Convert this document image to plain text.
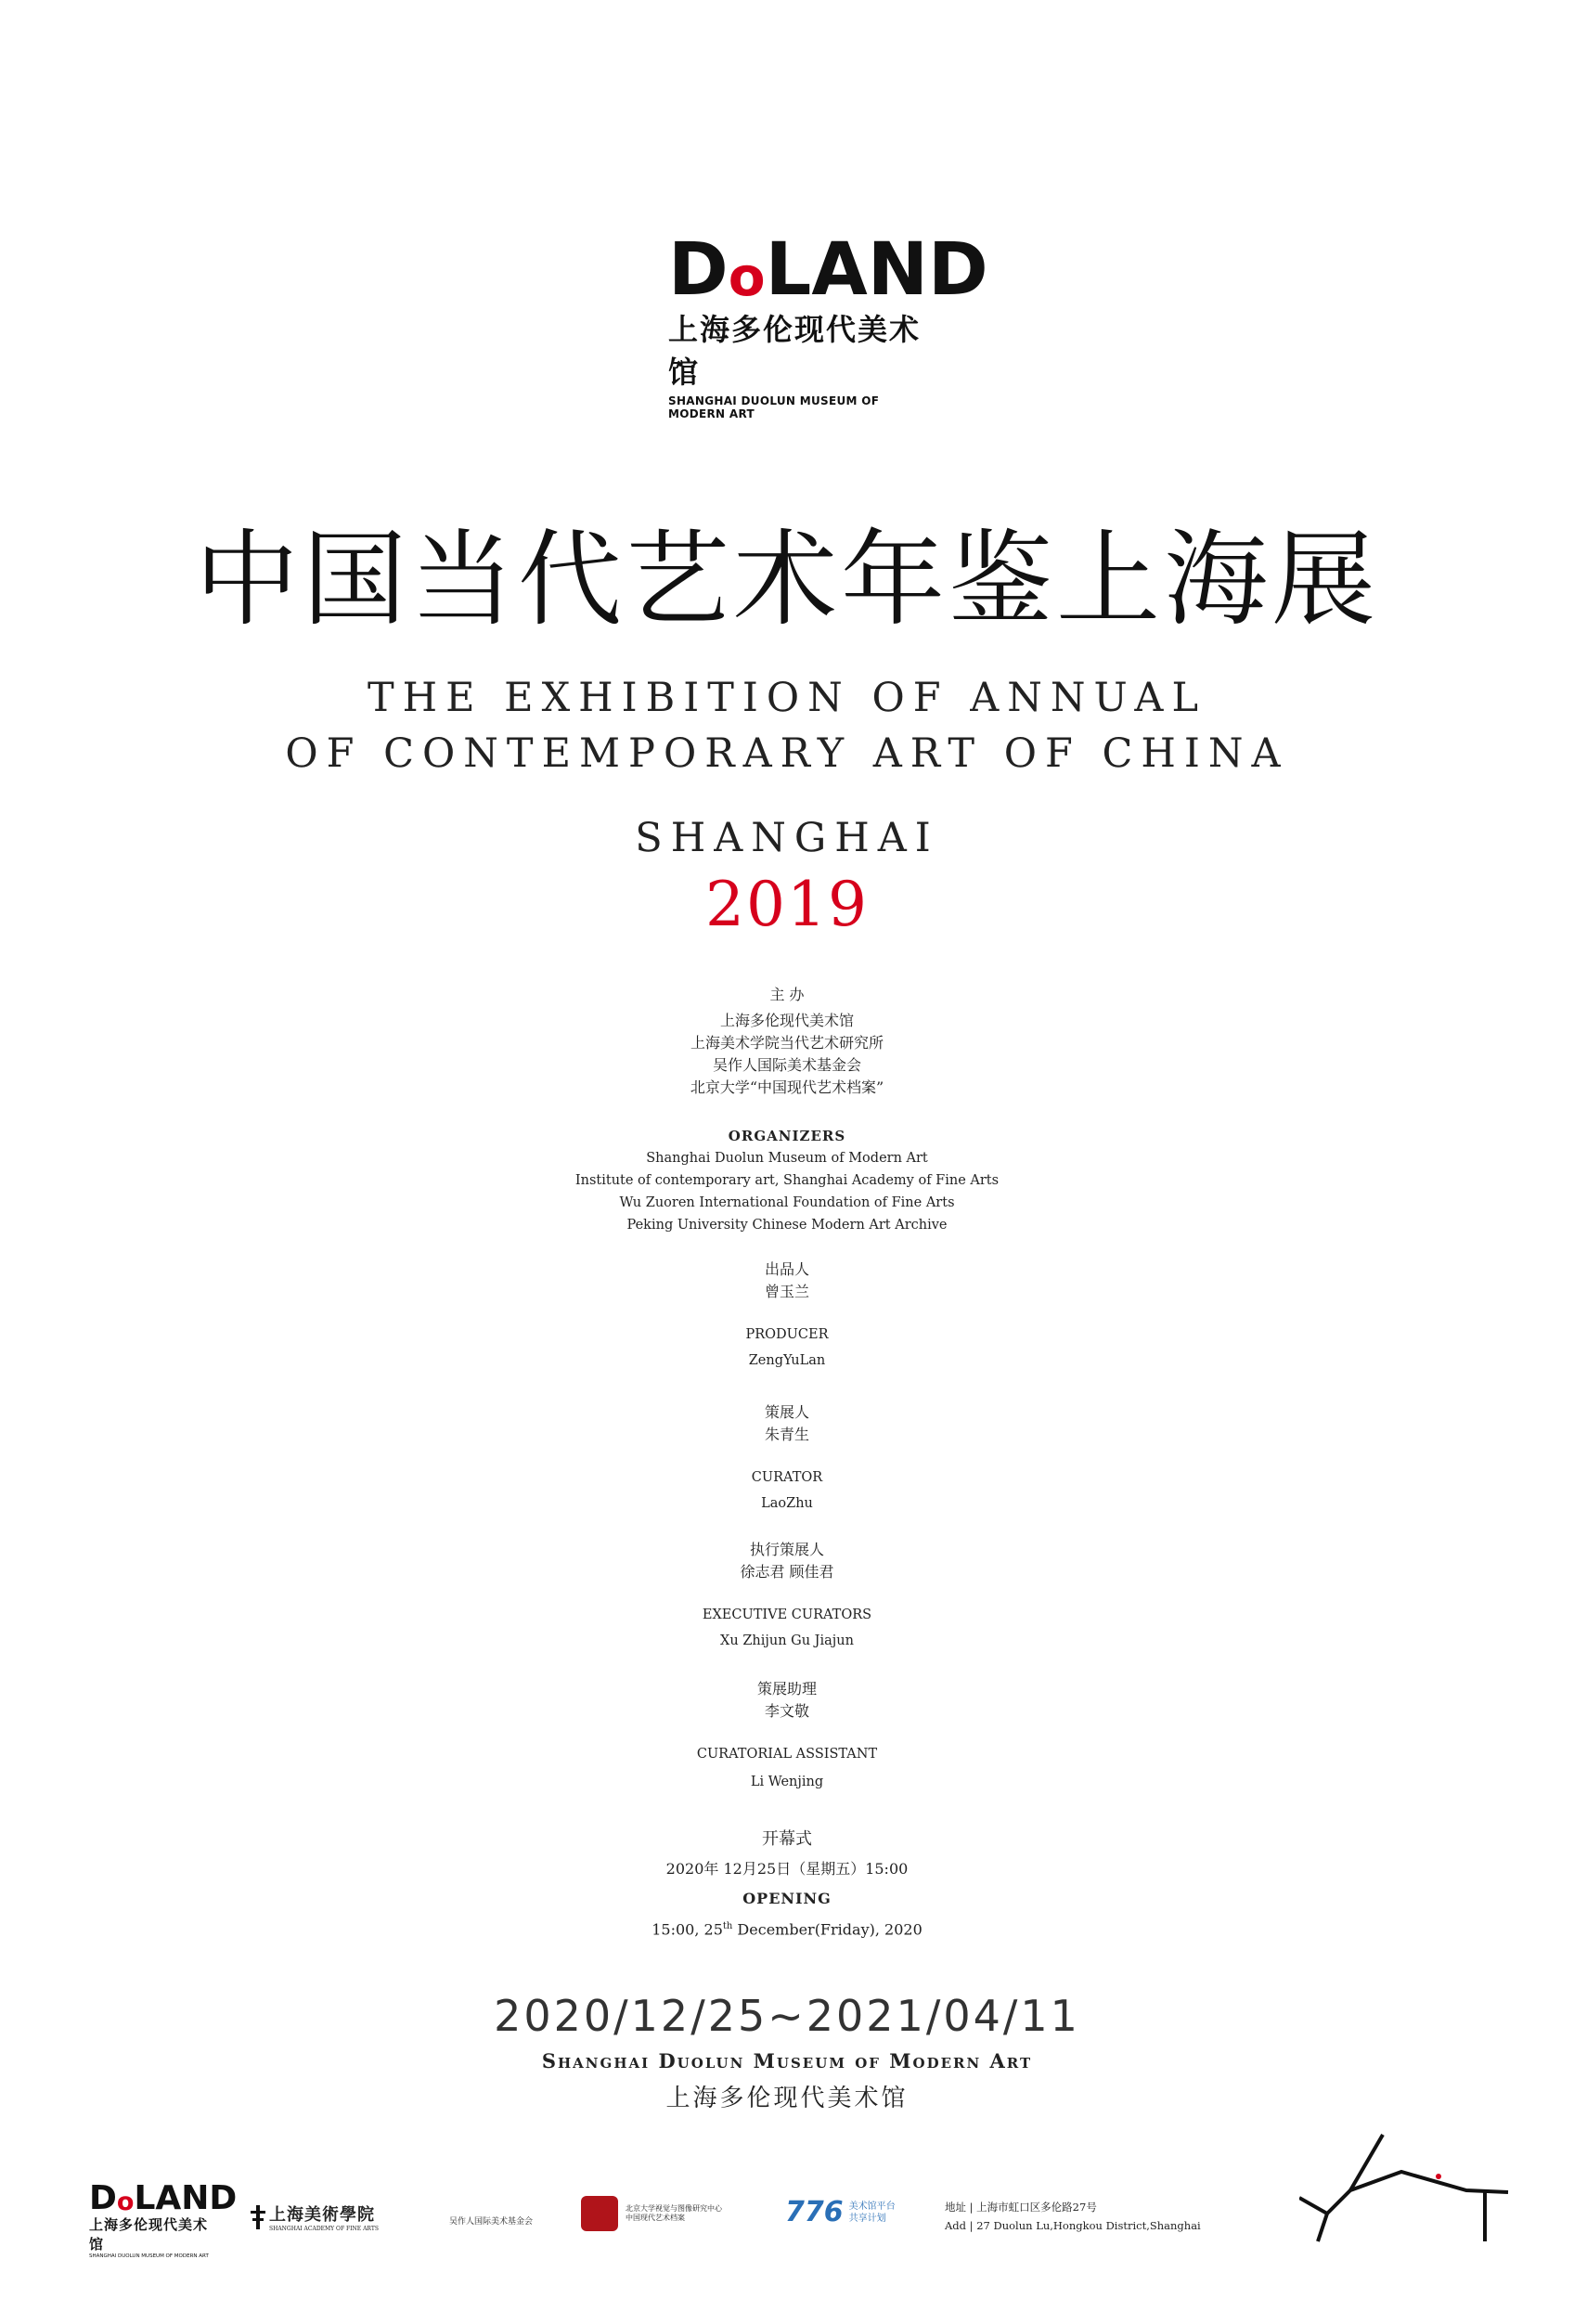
D o L A ND
上海多伦现代美术馆
SHANGHAI DUOLUN MUSEUM OF MODERN ART
中国当代艺术年鉴上海展
THE EXHIBITION OF ANNUAL
OF CONTEMPORARY ART OF CHINA
SHANGHAI
2019
主 办
上海多伦现代美术馆
上海美术学院当代艺术研究所
吴作人国际美术基金会
北京大学“中国现代艺术档案”
ORGANIZERS
Shanghai Duolun Museum of Modern Art
Institute of contemporary art, Shanghai Academy of Fine Arts
Wu Zuoren International Foundation of Fine Arts
Peking University Chinese Modern Art Archive
出品人
曾玉兰
PRODUCER
ZengYuLan
策展人
朱青生
CURATOR
LaoZhu
执行策展人
徐志君 顾佳君
EXECUTIVE CURATORS
Xu Zhijun Gu Jiajun
策展助理
李文敬
CURATORIAL ASSISTANT
Li Wenjing
开幕式
2020年 12月25日（星期五）15:00
OPENING
15:00, 25th December(Friday), 2020
2020/12/25~2021/04/11
Shanghai Duolun Museum of Modern Art
上海多伦现代美术馆
D o L A ND
上海多伦现代美术馆
SHANGHAI DUOLUN MUSEUM OF MODERN ART
上海美術學院
SHANGHAI ACADEMY OF FINE ARTS
吴作人国际美术基金会
北京大学视觉与图像研究中心
中国现代艺术档案	776 美术馆平台
共享计划
地址 | 上海市虹口区多伦路27号
Add | 27 Duolun Lu,Hongkou District,Shanghai
